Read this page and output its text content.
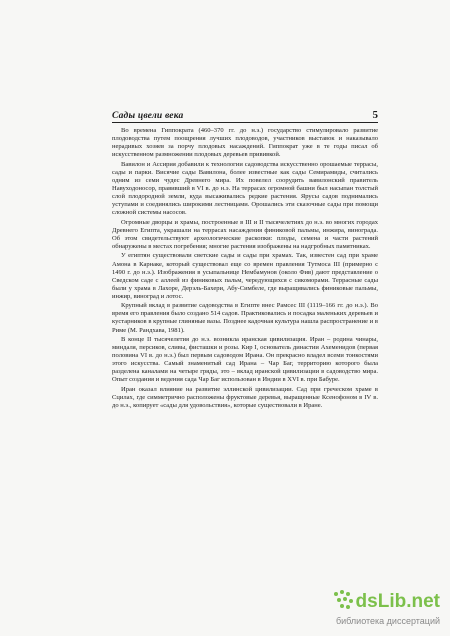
Сады цвели века	5

Во времена Гиппократа (460–370 гг. до н.э.) государство стимулировало развитие плодоводства путем поощрения лучших плодоводов, участников выставок и наказывало нерадивых хозяев за порчу плодовых насаждений. Гиппократ уже в те годы писал об искусственном размножении плодовых деревьев прививкой.

Вавилон и Ассирия добавили к технологии садоводства искусственно орошаемые террасы, сады и парки. Висячие сады Вавилона, более известные как сады Семирамиды, считались одним из семи чудес Древнего мира. Их повелел соорудить вавилонский правитель Навуходоносор, правивший в VI в. до н.э. На террасах огромной башни был насыпан толстый слой плодородной земли, куда высаживались редкие растения. Ярусы садов поднимались уступами и соединялись широкими лестницами. Орошались эти сказочные сады при помощи сложной системы насосов.

Огромные дворцы и храмы, построенные в III и II тысячелетиях до н.э. во многих городах Древнего Египта, украшали на террасах насаждения финиковой пальмы, инжира, винограда. Об этом свидетельствуют археологические раскопки: плоды, семена и части растений обнаружены в местах погребения; многие растения изображены на надгробных памятниках.

У египтян существовали светские сады и сады при храмах. Так, известен сад при храме Амона в Карнаке, который существовал еще со времен правления Тутмоса III (примерно с 1490 г. до н.э.). Изображения в усыпальнице Нембамунов (около Фив) дают представление о Сведском саде с аллеей из финиковых пальм, чередующихся с сикоморами. Террасные сады были у храма в Лахоре, Дерэль-Бахери, Абу-Симбеле, где выращивались финиковые пальмы, инжир, виноград и лотос.

Крупный вклад в развитие садоводства в Египте внес Рамсес III (1119–166 гг. до н.э.). Во время его правления было создано 514 садов. Практиковались и посадка маленьких деревьев и кустарников в крупные глиняные вазы. Позднее кадочная культура нашла распространение и в Риме (М. Рандхава, 1981).

В конце II тысячелетия до н.э. возникла иранская цивилизация. Иран – родина чинары, миндаля, персиков, сливы, фисташки и розы. Кир I, основатель династии Ахеменидов (первая половина VI в. до н.э.) был первым садоводом Ирана. Он прекрасно владел всеми тонкостями этого искусства. Самый знаменитый сад Ирана – Чар Баг, территорию которого была разделена каналами на четыре гряды, это – вклад иранской цивилизации в садоводство мира. Опыт создания и ведения сада Чар Баг использован в Индии в XVI в. при Бабуре.

Иран оказал влияние на развитие эллинской цивилизации. Сад при греческом храме в Сцилах, где симметрично расположены фруктовые деревья, выращенные Ксенофоном в IV в. до н.э., копирует «сады для удовольствия», которые существовали в Иране.

dsLib.net
библиотека диссертаций
